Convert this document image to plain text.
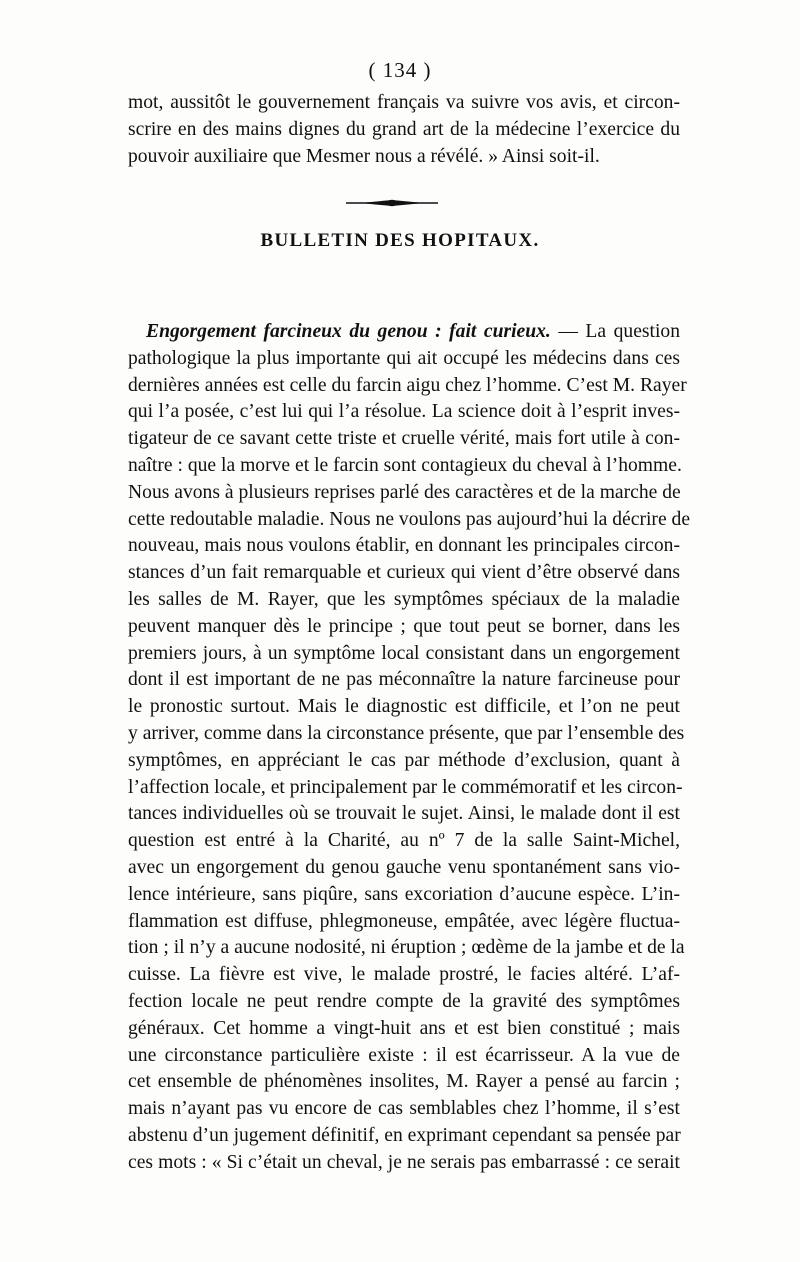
( 134 )
mot, aussitôt le gouvernement français va suivre vos avis, et circon-
scrire en des mains dignes du grand art de la médecine l’exercice du
pouvoir auxiliaire que Mesmer nous a révélé. » Ainsi soit-il.
BULLETIN DES HOPITAUX.
Engorgement farcineux du genou : fait curieux. — La question
pathologique la plus importante qui ait occupé les médecins dans ces
dernières années est celle du farcin aigu chez l’homme. C’est M. Rayer
qui l’a posée, c’est lui qui l’a résolue. La science doit à l’esprit inves-
tigateur de ce savant cette triste et cruelle vérité, mais fort utile à con-
naître : que la morve et le farcin sont contagieux du cheval à l’homme.
Nous avons à plusieurs reprises parlé des caractères et de la marche de
cette redoutable maladie. Nous ne voulons pas aujourd’hui la décrire de
nouveau, mais nous voulons établir, en donnant les principales circon-
stances d’un fait remarquable et curieux qui vient d’être observé dans
les salles de M. Rayer, que les symptômes spéciaux de la maladie
peuvent manquer dès le principe ; que tout peut se borner, dans les
premiers jours, à un symptôme local consistant dans un engorgement
dont il est important de ne pas méconnaître la nature farcineuse pour
le pronostic surtout. Mais le diagnostic est difficile, et l’on ne peut
y arriver, comme dans la circonstance présente, que par l’ensemble des
symptômes, en appréciant le cas par méthode d’exclusion, quant à
l’affection locale, et principalement par le commémoratif et les circon-
tances individuelles où se trouvait le sujet. Ainsi, le malade dont il est
question est entré à la Charité, au nº 7 de la salle Saint-Michel,
avec un engorgement du genou gauche venu spontanément sans vio-
lence intérieure, sans piqûre, sans excoriation d’aucune espèce. L’in-
flammation est diffuse, phlegmoneuse, empâtée, avec légère fluctua-
tion ; il n’y a aucune nodosité, ni éruption ; œdème de la jambe et de la
cuisse. La fièvre est vive, le malade prostré, le facies altéré. L’af-
fection locale ne peut rendre compte de la gravité des symptômes
généraux. Cet homme a vingt-huit ans et est bien constitué ; mais
une circonstance particulière existe : il est écarrisseur. A la vue de
cet ensemble de phénomènes insolites, M. Rayer a pensé au farcin ;
mais n’ayant pas vu encore de cas semblables chez l’homme, il s’est
abstenu d’un jugement définitif, en exprimant cependant sa pensée par
ces mots : « Si c’était un cheval, je ne serais pas embarrassé : ce serait
